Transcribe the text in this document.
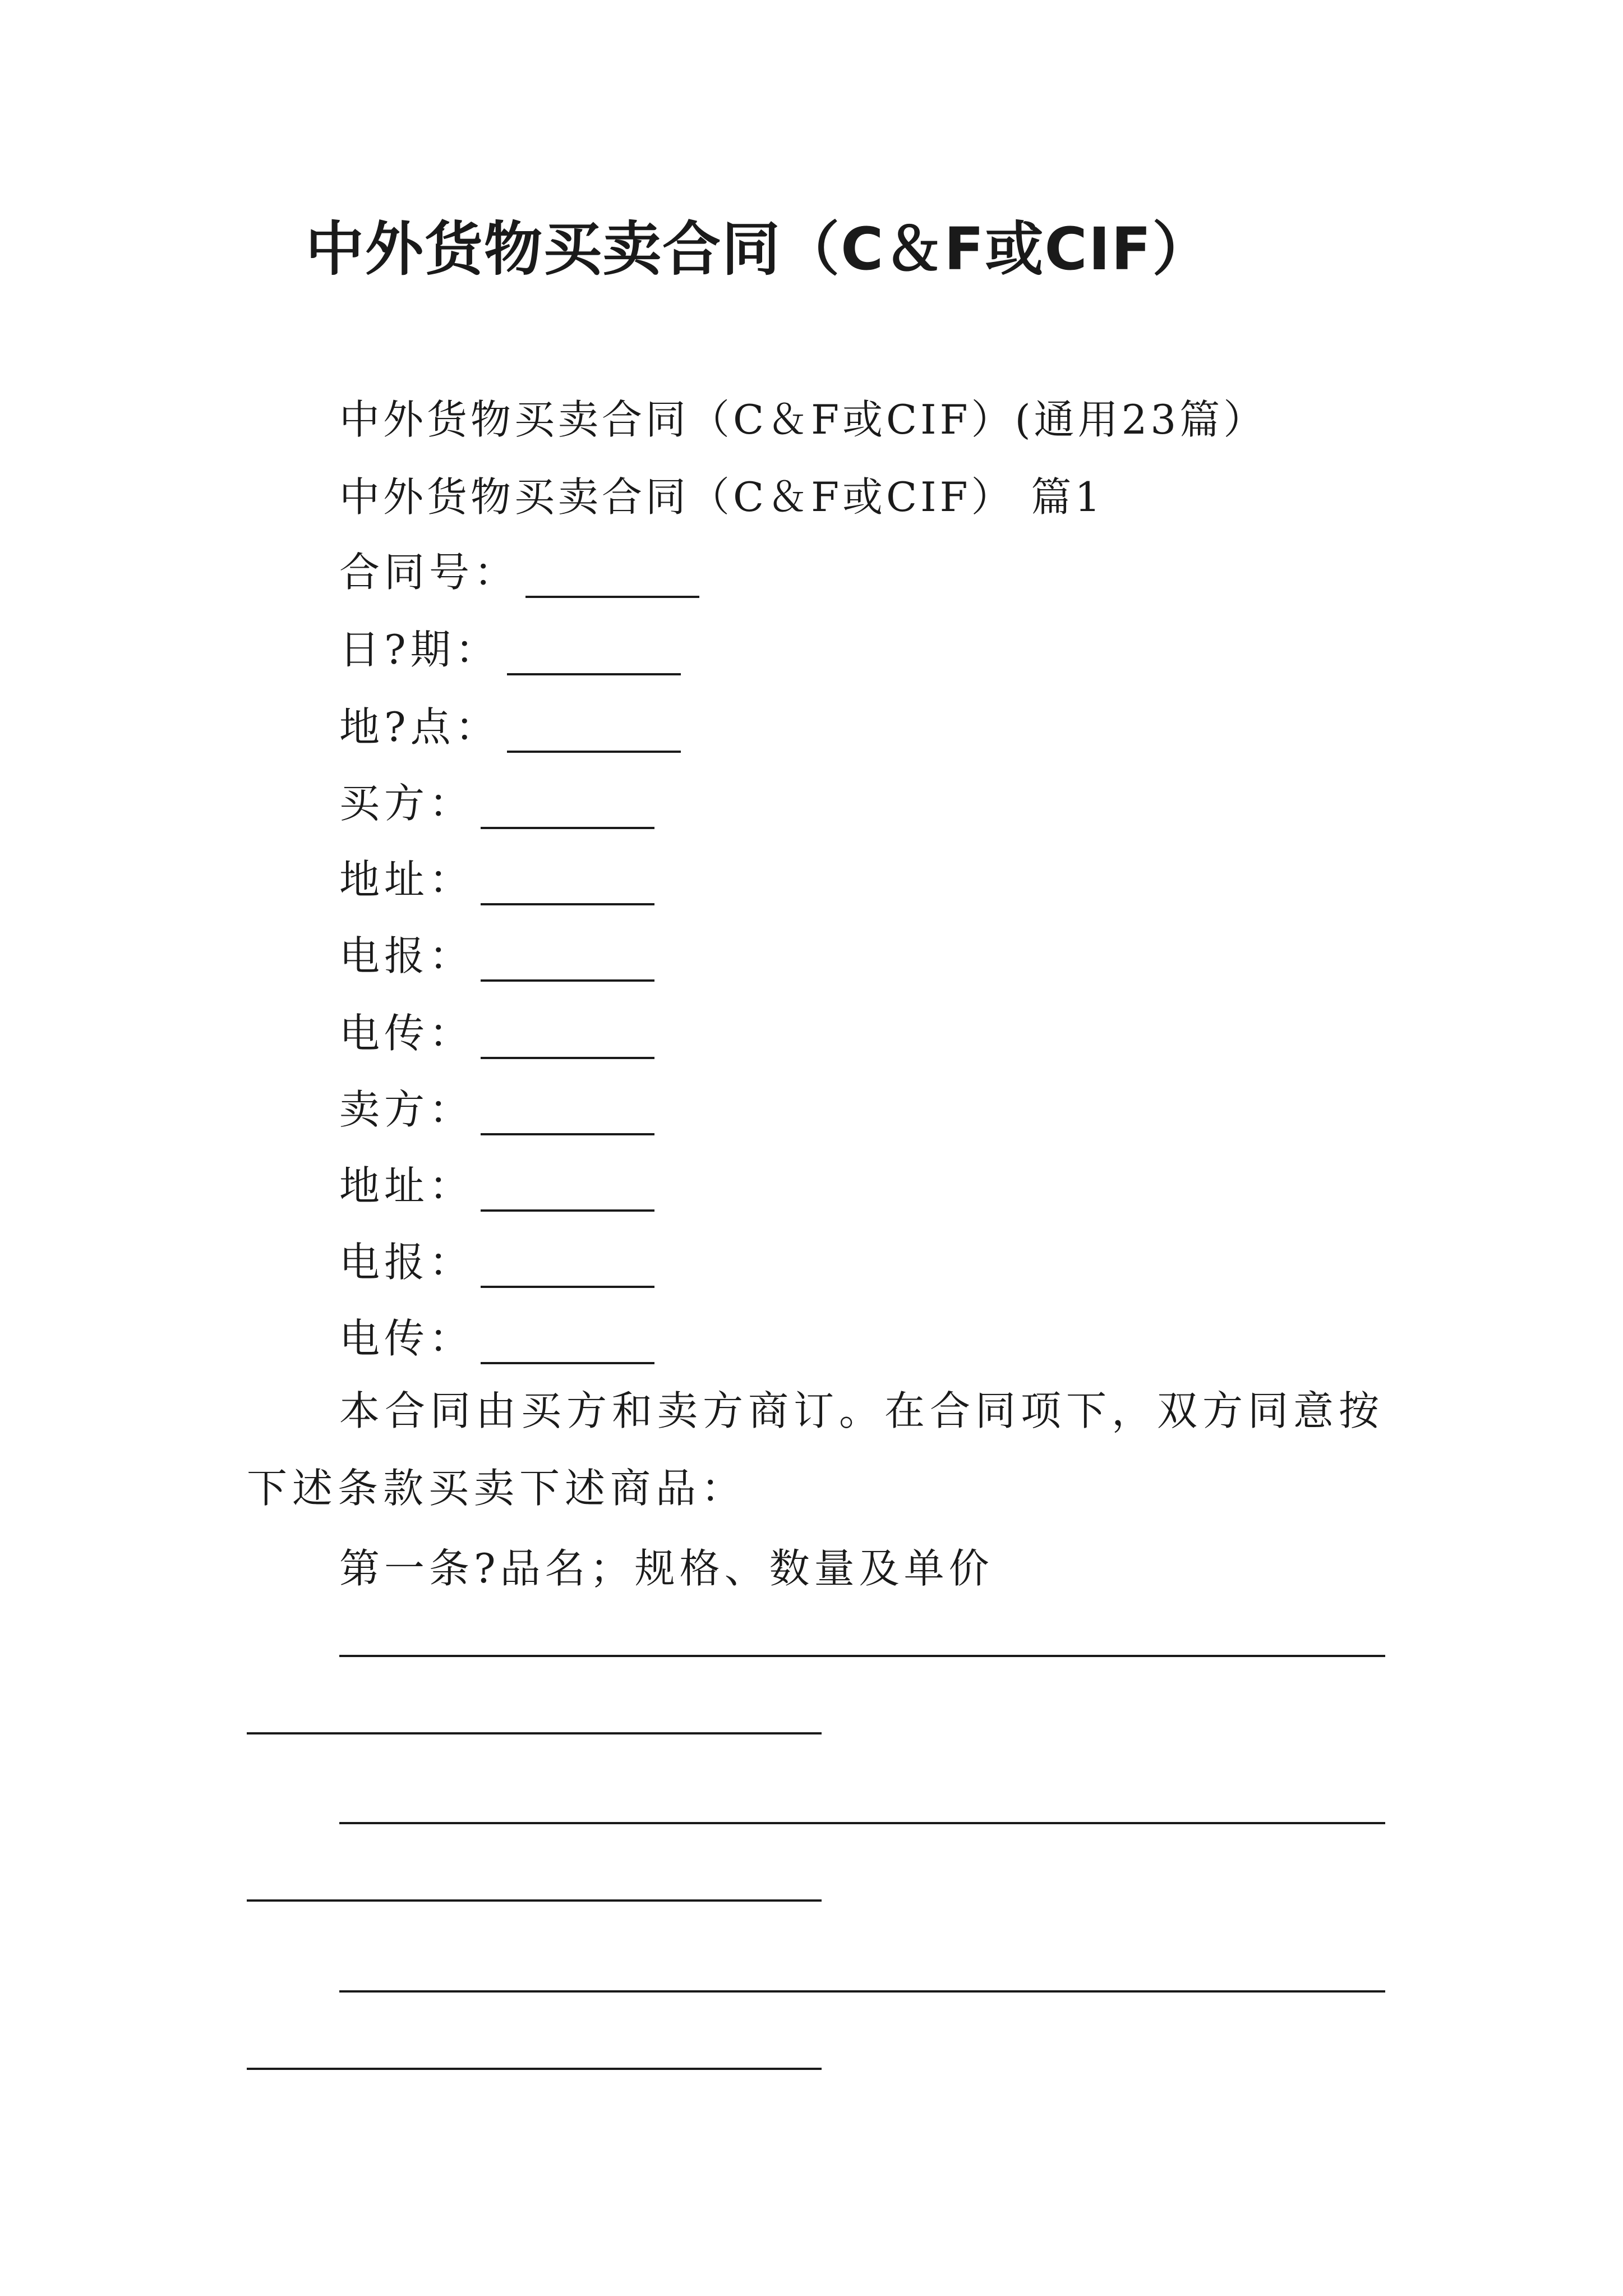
中外货物买卖合同（C＆F或CIF）
中外货物买卖合同（C＆F或CIF）(通用23篇）
中外货物买卖合同（C＆F或CIF） 篇1
合同号：
日?期：
地?点：
买方：
地址：
电报：
电传：
卖方：
地址：
电报：
电传：
本合同由买方和卖方商订。在合同项下，双方同意按下述条款买卖下述商品：
第一条?品名；规格、数量及单价
